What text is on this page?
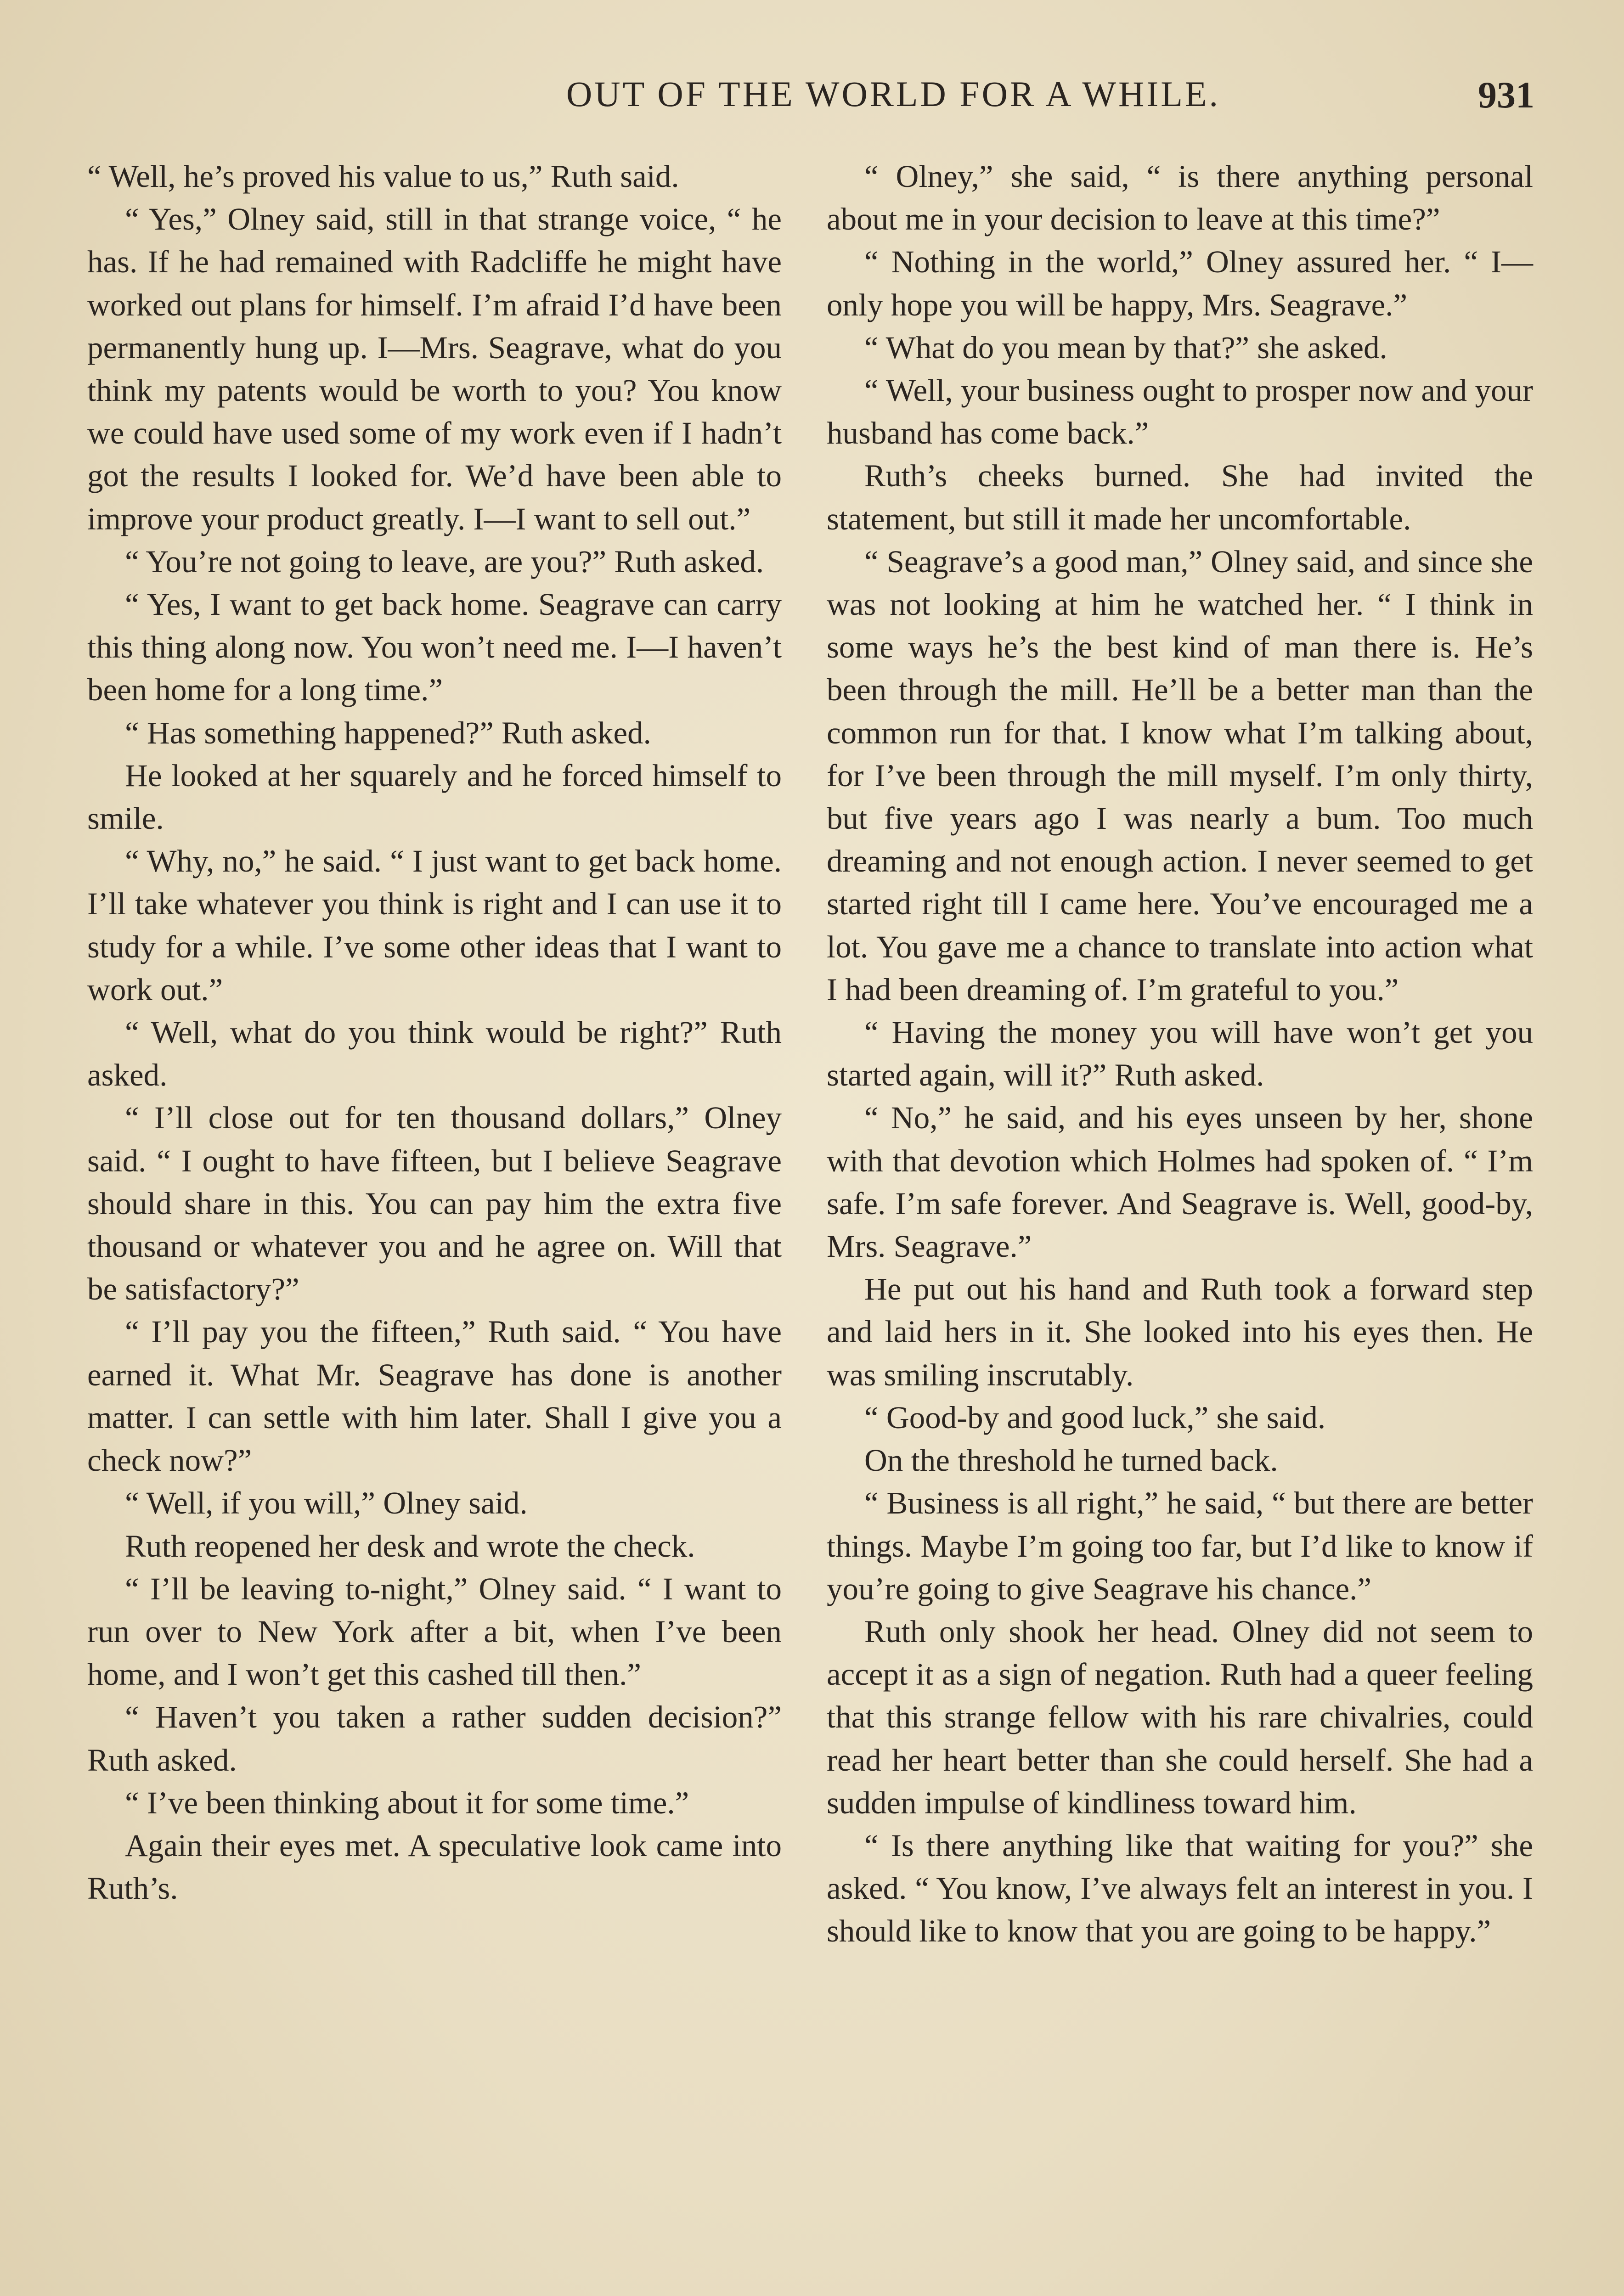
OUT OF THE WORLD FOR A WHILE.	931

“ Well, he’s proved his value to us,” Ruth said.

“ Yes,” Olney said, still in that strange voice, “ he has. If he had remained with Radcliffe he might have worked out plans for himself. I’m afraid I’d have been permanently hung up. I—Mrs. Seagrave, what do you think my patents would be worth to you? You know we could have used some of my work even if I hadn’t got the results I looked for. We’d have been able to improve your product greatly. I—I want to sell out.”

“ You’re not going to leave, are you?” Ruth asked.

“ Yes, I want to get back home. Seagrave can carry this thing along now. You won’t need me. I—I haven’t been home for a long time.”

“ Has something happened?” Ruth asked.

He looked at her squarely and he forced himself to smile.

“ Why, no,” he said. “ I just want to get back home. I’ll take whatever you think is right and I can use it to study for a while. I’ve some other ideas that I want to work out.”

“ Well, what do you think would be right?” Ruth asked.

“ I’ll close out for ten thousand dollars,” Olney said. “ I ought to have fifteen, but I believe Seagrave should share in this. You can pay him the extra five thousand or whatever you and he agree on. Will that be satisfactory?”

“ I’ll pay you the fifteen,” Ruth said. “ You have earned it. What Mr. Seagrave has done is another matter. I can settle with him later. Shall I give you a check now?”

“ Well, if you will,” Olney said.

Ruth reopened her desk and wrote the check.

“ I’ll be leaving to-night,” Olney said. “ I want to run over to New York after a bit, when I’ve been home, and I won’t get this cashed till then.”

“ Haven’t you taken a rather sudden decision?” Ruth asked.

“ I’ve been thinking about it for some time.”

Again their eyes met. A speculative look came into Ruth’s.

“ Olney,” she said, “ is there anything personal about me in your decision to leave at this time?”

“ Nothing in the world,” Olney assured her. “ I—only hope you will be happy, Mrs. Seagrave.”

“ What do you mean by that?” she asked.

“ Well, your business ought to prosper now and your husband has come back.”

Ruth’s cheeks burned. She had invited the statement, but still it made her uncomfortable.

“ Seagrave’s a good man,” Olney said, and since she was not looking at him he watched her. “ I think in some ways he’s the best kind of man there is. He’s been through the mill. He’ll be a better man than the common run for that. I know what I’m talking about, for I’ve been through the mill myself. I’m only thirty, but five years ago I was nearly a bum. Too much dreaming and not enough action. I never seemed to get started right till I came here. You’ve encouraged me a lot. You gave me a chance to translate into action what I had been dreaming of. I’m grateful to you.”

“ Having the money you will have won’t get you started again, will it?” Ruth asked.

“ No,” he said, and his eyes unseen by her, shone with that devotion which Holmes had spoken of. “ I’m safe. I’m safe forever. And Seagrave is. Well, good-by, Mrs. Seagrave.”

He put out his hand and Ruth took a forward step and laid hers in it. She looked into his eyes then. He was smiling inscrutably.

“ Good-by and good luck,” she said.

On the threshold he turned back.

“ Business is all right,” he said, “ but there are better things. Maybe I’m going too far, but I’d like to know if you’re going to give Seagrave his chance.”

Ruth only shook her head. Olney did not seem to accept it as a sign of negation. Ruth had a queer feeling that this strange fellow with his rare chivalries, could read her heart better than she could herself. She had a sudden impulse of kindliness toward him.

“ Is there anything like that waiting for you?” she asked. “ You know, I’ve always felt an interest in you. I should like to know that you are going to be happy.”
